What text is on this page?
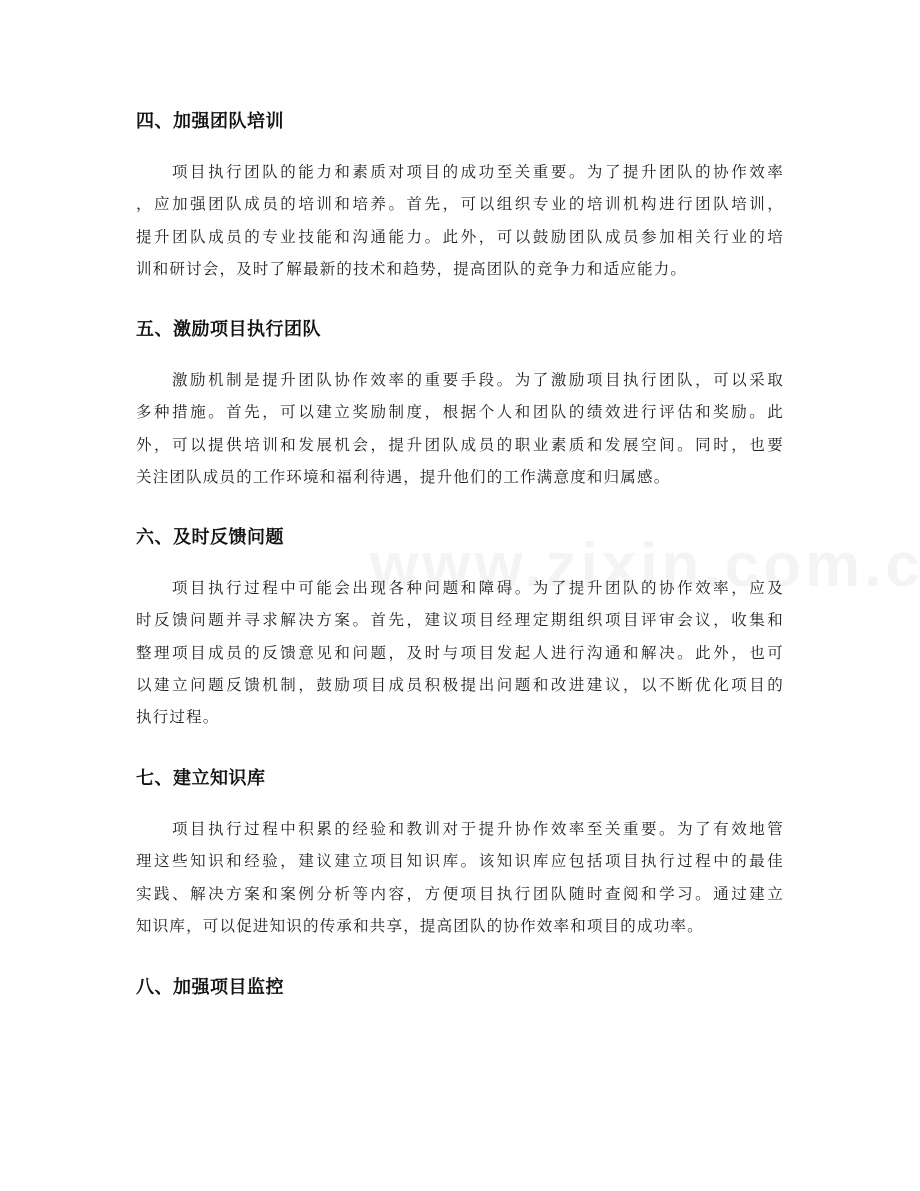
四、加强团队培训
项目执行团队的能力和素质对项目的成功至关重要。为了提升团队的协作效率
，应加强团队成员的培训和培养。首先，可以组织专业的培训机构进行团队培训，
提升团队成员的专业技能和沟通能力。此外，可以鼓励团队成员参加相关行业的培
训和研讨会，及时了解最新的技术和趋势，提高团队的竞争力和适应能力。
五、激励项目执行团队
激励机制是提升团队协作效率的重要手段。为了激励项目执行团队，可以采取
多种措施。首先，可以建立奖励制度，根据个人和团队的绩效进行评估和奖励。此
外，可以提供培训和发展机会，提升团队成员的职业素质和发展空间。同时，也要
关注团队成员的工作环境和福利待遇，提升他们的工作满意度和归属感。
六、及时反馈问题
项目执行过程中可能会出现各种问题和障碍。为了提升团队的协作效率，应及
时反馈问题并寻求解决方案。首先，建议项目经理定期组织项目评审会议，收集和
整理项目成员的反馈意见和问题，及时与项目发起人进行沟通和解决。此外，也可
以建立问题反馈机制，鼓励项目成员积极提出问题和改进建议，以不断优化项目的
执行过程。
七、建立知识库
项目执行过程中积累的经验和教训对于提升协作效率至关重要。为了有效地管
理这些知识和经验，建议建立项目知识库。该知识库应包括项目执行过程中的最佳
实践、解决方案和案例分析等内容，方便项目执行团队随时查阅和学习。通过建立
知识库，可以促进知识的传承和共享，提高团队的协作效率和项目的成功率。
八、加强项目监控
